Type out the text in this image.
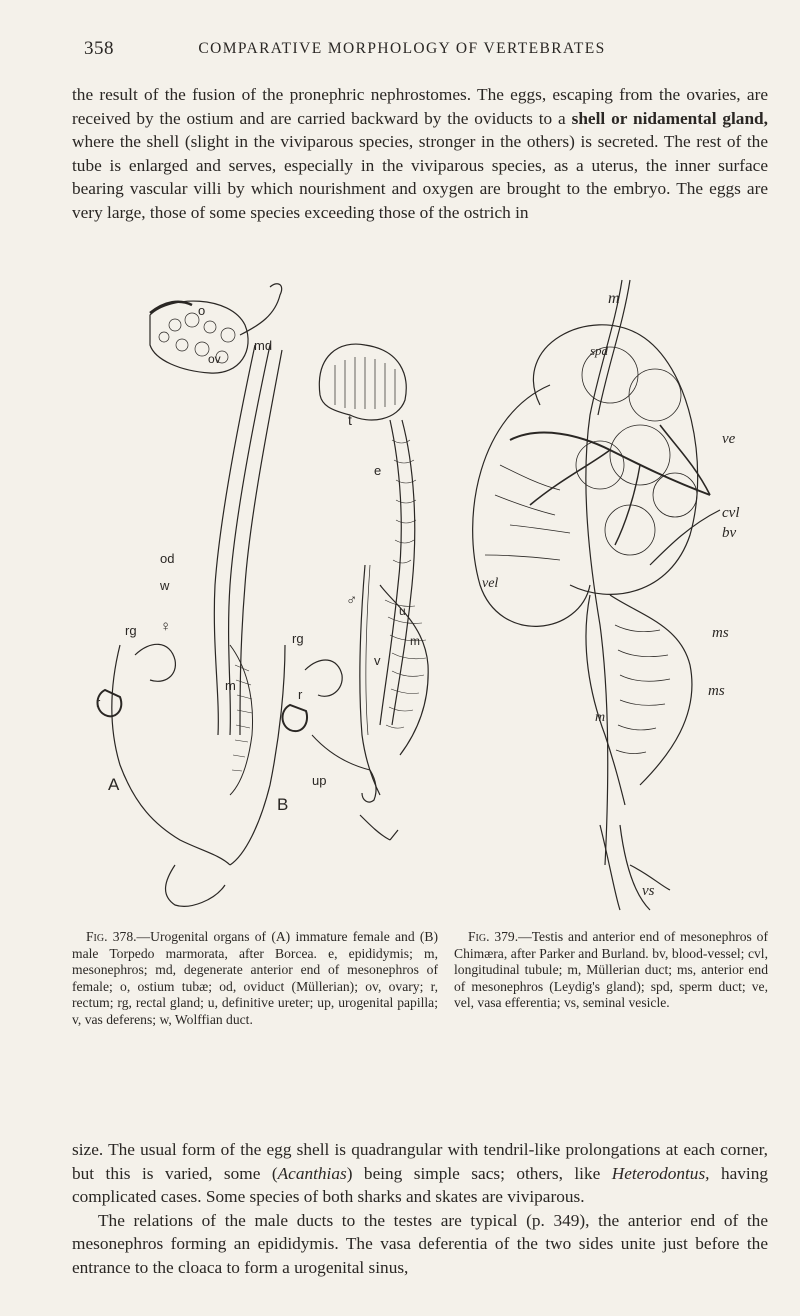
358	COMPARATIVE MORPHOLOGY OF VERTEBRATES

the result of the fusion of the pronephric nephrostomes. The eggs, escaping from the ovaries, are received by the ostium and are carried backward by the oviducts to a shell or nidamental gland, where the shell (slight in the viviparous species, stronger in the others) is secreted. The rest of the tube is enlarged and serves, especially in the viviparous species, as a uterus, the inner surface bearing vascular villi by which nourishment and oxygen are brought to the embryo. The eggs are very large, those of some species exceeding those of the ostrich in

o
ov
md
od
w
rg ♀
r
m
A
t
e
♂
rg
v
u
m
r
up
B
m
spd
ve
cvl
bv
vel
ms
ms
m
vs

Fig. 378.—Urogenital organs of (A) immature female and (B) male Torpedo marmorata, after Borcea. e, epididymis; m, mesonephros; md, degenerate anterior end of mesonephros of female; o, ostium tubæ; od, oviduct (Müllerian); ov, ovary; r, rectum; rg, rectal gland; u, definitive ureter; up, urogenital papilla; v, vas deferens; w, Wolffian duct.

Fig. 379.—Testis and anterior end of mesonephros of Chimæra, after Parker and Burland. bv, blood-vessel; cvl, longitudinal tubule; m, Müllerian duct; ms, anterior end of mesonephros (Leydig's gland); spd, sperm duct; ve, vel, vasa efferentia; vs, seminal vesicle.

size. The usual form of the egg shell is quadrangular with tendril-like prolongations at each corner, but this is varied, some (Acanthias) being simple sacs; others, like Heterodontus, having complicated cases. Some species of both sharks and skates are viviparous.
The relations of the male ducts to the testes are typical (p. 349), the anterior end of the mesonephros forming an epididymis. The vasa deferentia of the two sides unite just before the entrance to the cloaca to form a urogenital sinus,
